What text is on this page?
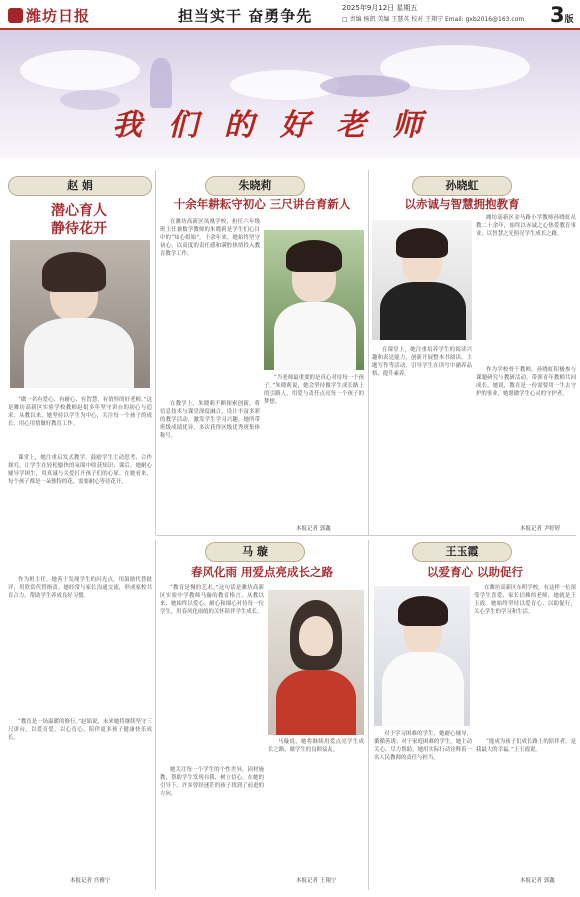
潍坊日报	担当实干 奋勇争先	2025年9月12日 星期五
□ 责编 杨凯 美编 王慧英 校对 王翔宁 Email: gxb2016@163.com 3版
我们的好老师
赵 娟
潜心育人
静待花开
“做一名有爱心、有耐心，有智慧，有情怀的好老师。”这是潍坊高新区实验学校教师赵娟多年坚守讲台的初心与追求。从教以来，她坚持以学生为中心，关注每一个孩子的成长，用心用情做好教育工作。
课堂上，她注重启发式教学，鼓励学生主动思考、合作探究，让学生在轻松愉快的氛围中收获知识；课后，她耐心辅导学困生，用真诚与关爱打开孩子们的心扉。在她看来，每个孩子都是一朵独特的花，需要耐心等待花开。
作为班主任，她善于发现学生的闪光点，用鼓励代替批评，用欣赏代替指责。她经常与家长沟通交流，形成家校共育合力，帮助学生养成良好习惯。
“教育是一场温暖的修行。”赵娟说，未来她将继续坚守三尺讲台，以爱育爱，以心育心，陪伴更多孩子健康快乐成长。
本报记者 宫雅宁
朱晓莉
十余年耕耘守初心 三尺讲台育新人
在潍坊高新区凤凰学校，担任六年级班主任兼数学教师的朱晓莉是学生们心目中的“知心姐姐”。十余年来，她始终坚守初心，以高度的责任感和满腔热情投入教育教学工作。
在教学上，朱晓莉不断探索创新，将信息技术与课堂深度融合，设计丰富多彩的教学活动，激发学生学习兴趣。她所带班级成绩优异，多次获得区级优秀班集体称号。
“当老师最重要的是真心对待每一个孩子。”朱晓莉说，她会坚持做学生成长路上的引路人，用爱与责任点亮每一个孩子的梦想。
本报记者 郭鑫
孙晓虹
以赤诚与智慧拥抱教育
潍坊高新区金马路小学教师孙晓虹从教二十余年，始终以赤诚之心热爱教育事业，以智慧之光照亮学生成长之路。
在课堂上，她注重培养学生的阅读兴趣和表达能力，创新开展整本书阅读、主题写作等活动，引导学生在读写中涵养品格、提升素养。
作为学校骨干教师，孙晓虹积极参与课题研究与教研活动，带领青年教师共同成长。她说，教育是一份需要用一生去守护的事业，她愿做学生心灵的守护者。
本报记者 尹婷婷
马 璇
春风化雨 用爱点亮成长之路
“教育是慢的艺术。”这句话是潍坊高新区实验中学教师马璇的教育格言。从教以来，她始终以爱心、耐心和细心对待每一位学生，用春风化雨般的关怀陪伴学生成长。
她关注每一个学生的个性差异，因材施教，帮助学生发现自我、树立信心。在她的引导下，许多曾经迷茫的孩子找到了前进的方向。
马璇说，她将继续用爱点亮学生成长之路，做学生的良师益友。
本报记者 王翔宁
王玉霞
以爱育心 以助促行
在潍坊高新区东明学校，有这样一位深受学生喜爱、家长信赖的老师，她就是王玉霞。她始终坚持以爱育心、以助促行，关心学生的学习和生活。
对于学习困难的学生，她耐心辅导、循循善诱；对于家庭困难的学生，她主动关心、尽力帮助。她用实际行动诠释着一名人民教师的责任与担当。
“能成为孩子们成长路上的陪伴者，是我最大的幸福。”王玉霞说。
本报记者 郭鑫
